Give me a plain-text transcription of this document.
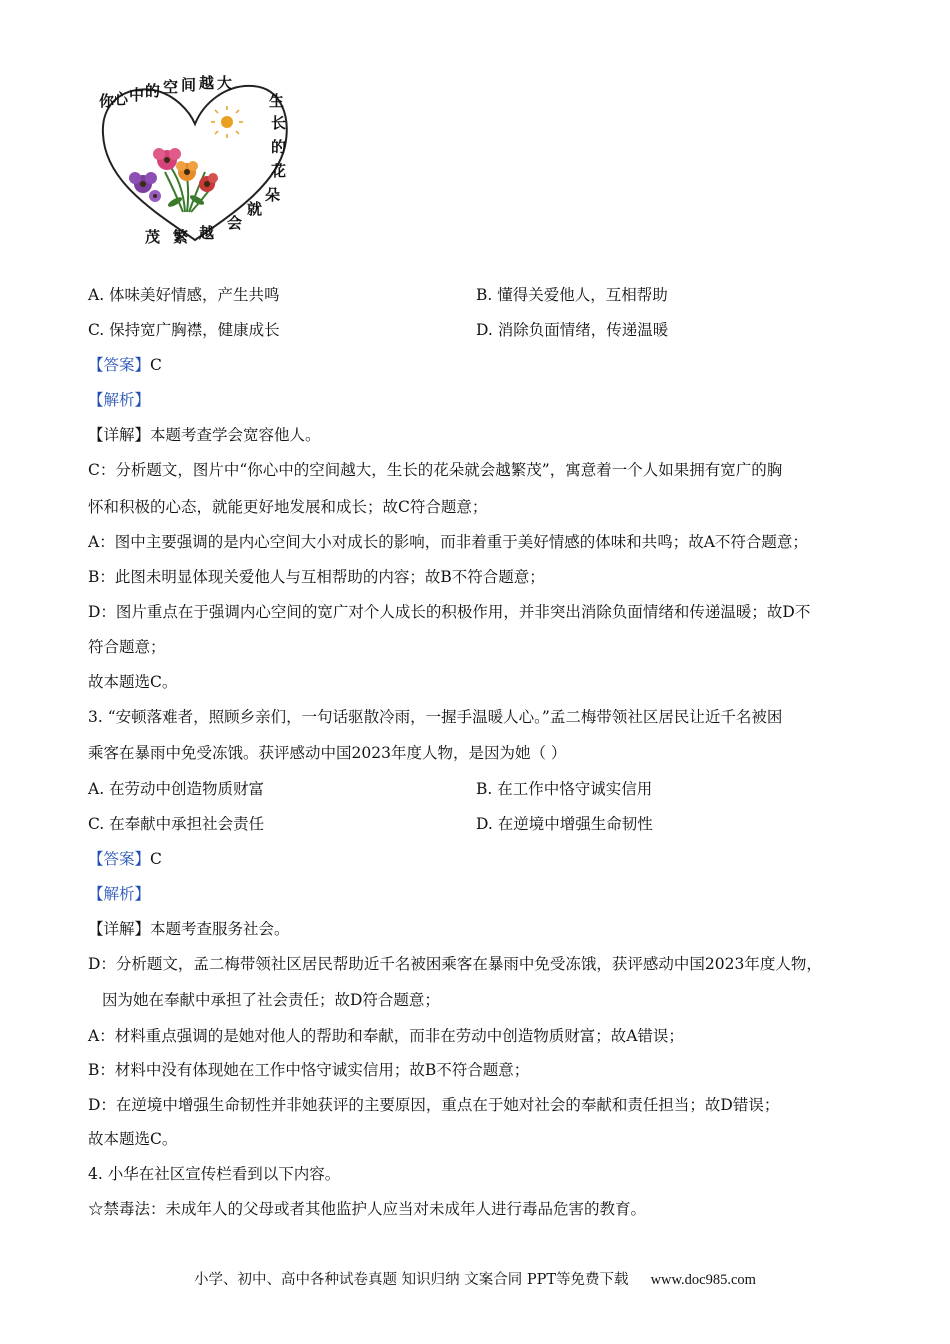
你
心 中 的 空 间 越 大
生
长
的
花
朵
就
会
越
繁
茂
A. 体味美好情感，产生共鸣	B. 懂得关爱他人，互相帮助
C. 保持宽广胸襟，健康成长	D. 消除负面情绪，传递温暖
【答案】C
【解析】
【详解】本题考查学会宽容他人。
C：分析题文，图片中“你心中的空间越大，生长的花朵就会越繁茂”，寓意着一个人如果拥有宽广的胸
怀和积极的心态，就能更好地发展和成长；故C符合题意；
A：图中主要强调的是内心空间大小对成长的影响，而非着重于美好情感的体味和共鸣；故A不符合题意；
B：此图未明显体现关爱他人与互相帮助的内容；故B不符合题意；
D：图片重点在于强调内心空间的宽广对个人成长的积极作用，并非突出消除负面情绪和传递温暖；故D不
符合题意；
故本题选C。
3. “安顿落难者，照顾乡亲们，一句话驱散冷雨，一握手温暖人心。”孟二梅带领社区居民让近千名被困
乘客在暴雨中免受冻饿。获评感动中国2023年度人物，是因为她（ ）
A. 在劳动中创造物质财富	B. 在工作中恪守诚实信用
C. 在奉献中承担社会责任	D. 在逆境中增强生命韧性
【答案】C
【解析】
【详解】本题考查服务社会。
D：分析题文，孟二梅带领社区居民帮助近千名被困乘客在暴雨中免受冻饿，获评感动中国2023年度人物，
因为她在奉献中承担了社会责任；故D符合题意；
A：材料重点强调的是她对他人的帮助和奉献，而非在劳动中创造物质财富；故A错误；
B：材料中没有体现她在工作中恪守诚实信用；故B不符合题意；
D：在逆境中增强生命韧性并非她获评的主要原因，重点在于她对社会的奉献和责任担当；故D错误；
故本题选C。
4. 小华在社区宣传栏看到以下内容。
☆禁毒法：未成年人的父母或者其他监护人应当对未成年人进行毒品危害的教育。
小学、初中、高中各种试卷真题 知识归纳 文案合同 PPT等免费下载 www.doc985.com
